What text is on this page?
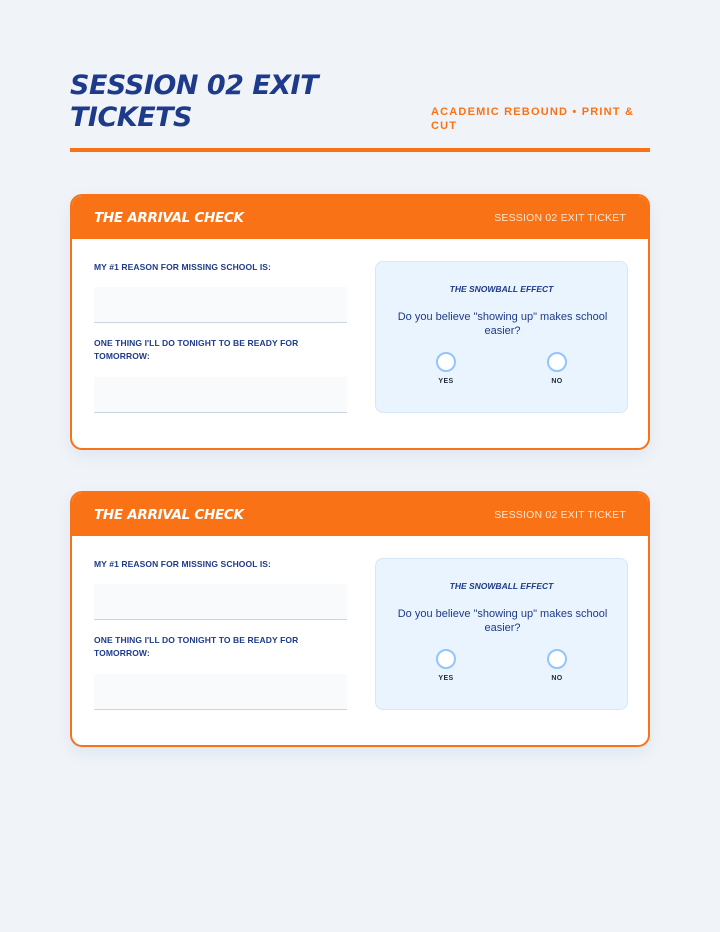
SESSION 02 EXIT TICKETS	ACADEMIC REBOUND • PRINT & CUT
THE ARRIVAL CHECK	SESSION 02 EXIT TICKET
MY #1 REASON FOR MISSING SCHOOL IS:
ONE THING I'LL DO TONIGHT TO BE READY FOR TOMORROW:
THE SNOWBALL EFFECT
Do you believe "showing up" makes school easier?
YES	NO
THE ARRIVAL CHECK	SESSION 02 EXIT TICKET
MY #1 REASON FOR MISSING SCHOOL IS:
ONE THING I'LL DO TONIGHT TO BE READY FOR TOMORROW:
THE SNOWBALL EFFECT
Do you believe "showing up" makes school easier?
YES	NO
